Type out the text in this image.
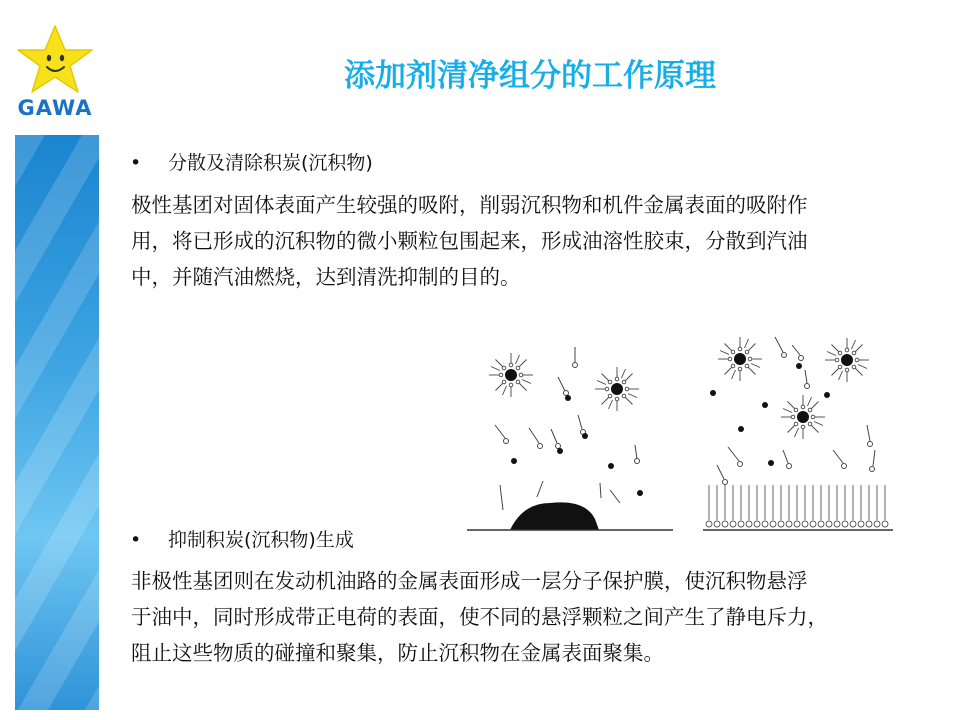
GAWA
添加剂清净组分的工作原理
• 分散及清除积炭(沉积物)
极性基团对固体表面产生较强的吸附，削弱沉积物和机件金属表面的吸附作
用，将已形成的沉积物的微小颗粒包围起来，形成油溶性胶束，分散到汽油
中，并随汽油燃烧，达到清洗抑制的目的。
• 抑制积炭(沉积物)生成
非极性基团则在发动机油路的金属表面形成一层分子保护膜，使沉积物悬浮
于油中，同时形成带正电荷的表面，使不同的悬浮颗粒之间产生了静电斥力，
阻止这些物质的碰撞和聚集，防止沉积物在金属表面聚集。
